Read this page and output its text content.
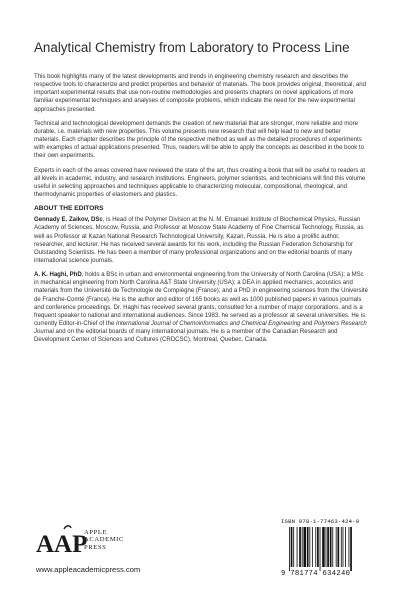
Analytical Chemistry from Laboratory to Process Line

This book highlights many of the latest developments and trends in engineering chemistry research and describes the respective tools to characterize and predict properties and behavior of materials. The book provides original, theoretical, and important experimental results that use non-routine methodologies and presents chapters on novel applications of more familiar experimental techniques and analyses of composite problems, which indicate the need for the new experimental approaches presented.

Technical and technological development demands the creation of new material that are stronger, more reliable and more durable, i.e. materials with new properties. This volume presents new research that will help lead to new and better materials. Each chapter describes the principle of the respective method as well as the detailed procedures of experiments with examples of actual applications presented. Thus, readers will be able to apply the concepts as described in the book to their own experiments.

Experts in each of the areas covered have reviewed the state of the art, thus creating a book that will be useful to readers at all levels in academic, industry, and research institutions. Engineers, polymer scientists, and technicians will find this volume useful in selecting approaches and techniques applicable to characterizing molecular, compositional, rheological, and thermodynamic properties of elastomers and plastics.

ABOUT THE EDITORS

Gennady E. Zaikov, DSc, is Head of the Polymer Division at the N. M. Emanuel Institute of Biochemical Physics, Russian Academy of Sciences, Moscow, Russia, and Professor at Moscow State Academy of Fine Chemical Technology, Russia, as well as Professor at Kazan National Research Technological University, Kazan, Russia. He is also a prolific author, researcher, and lecturer. He has received several awards for his work, including the Russian Federation Scholarship for Outstanding Scientists. He has been a member of many professional organizations and on the editorial boards of many international science journals.

A. K. Haghi, PhD, holds a BSc in urban and environmental engineering from the University of North Carolina (USA); a MSc in mechanical engineering from North Carolina A&T State University (USA); a DEA in applied mechanics, acoustics and materials from the Université de Technologie de Compiègne (France); and a PhD in engineering sciences from the Université de Franche-Comté (France). He is the author and editor of 165 books as well as 1000 published papers in various journals and conference proceedings. Dr. Haghi has received several grants, consulted for a number of major corporations, and is a frequent speaker to national and international audiences. Since 1983, he served as a professor at several universities. He is currently Editor-in-Chief of the International Journal of Chemoinformatics and Chemical Engineering and Polymers Research Journal and on the editorial boards of many international journals. He is a member of the Canadian Research and Development Center of Sciences and Cultures (CRDCSC), Montreal, Quebec, Canada.

AAP
APPLE
ACADEMIC
PRESS
www.appleacademicpress.com
ISBN 978-1-77463-424-0
9 781774 634240
